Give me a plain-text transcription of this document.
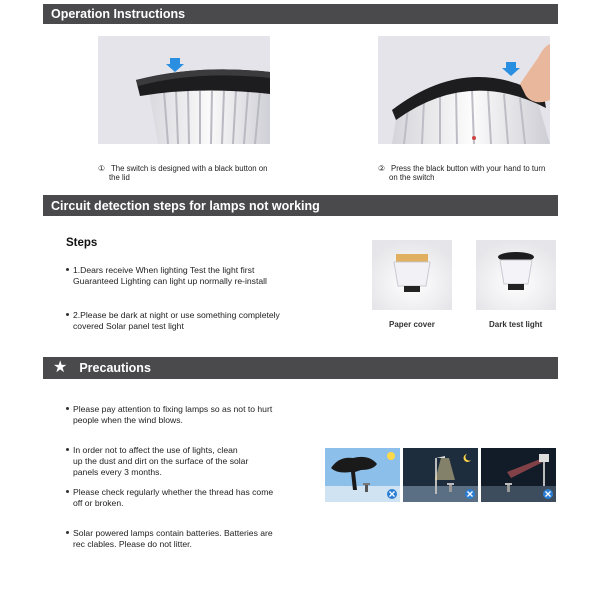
Operation Instructions
① The switch is designed with a black button on
the lid
② Press the black button with your hand to turn
on the switch
Circuit detection steps for lamps not working
Steps
1.Dears receive When lighting Test the light first
Guaranteed Lighting can light up normally re-install
2.Please be dark at night or use something completely
covered Solar panel test light	Paper cover	Dark test light
★ Precautions
Please pay attention to fixing lamps so as not to hurt
people when the wind blows.
In order not to affect the use of lights, clean
up the dust and dirt on the surface of the solar
panels every 3 months.
Please check regularly whether the thread has come
off or broken.
Solar powered lamps contain batteries. Batteries are
rec clables. Please do not litter.
